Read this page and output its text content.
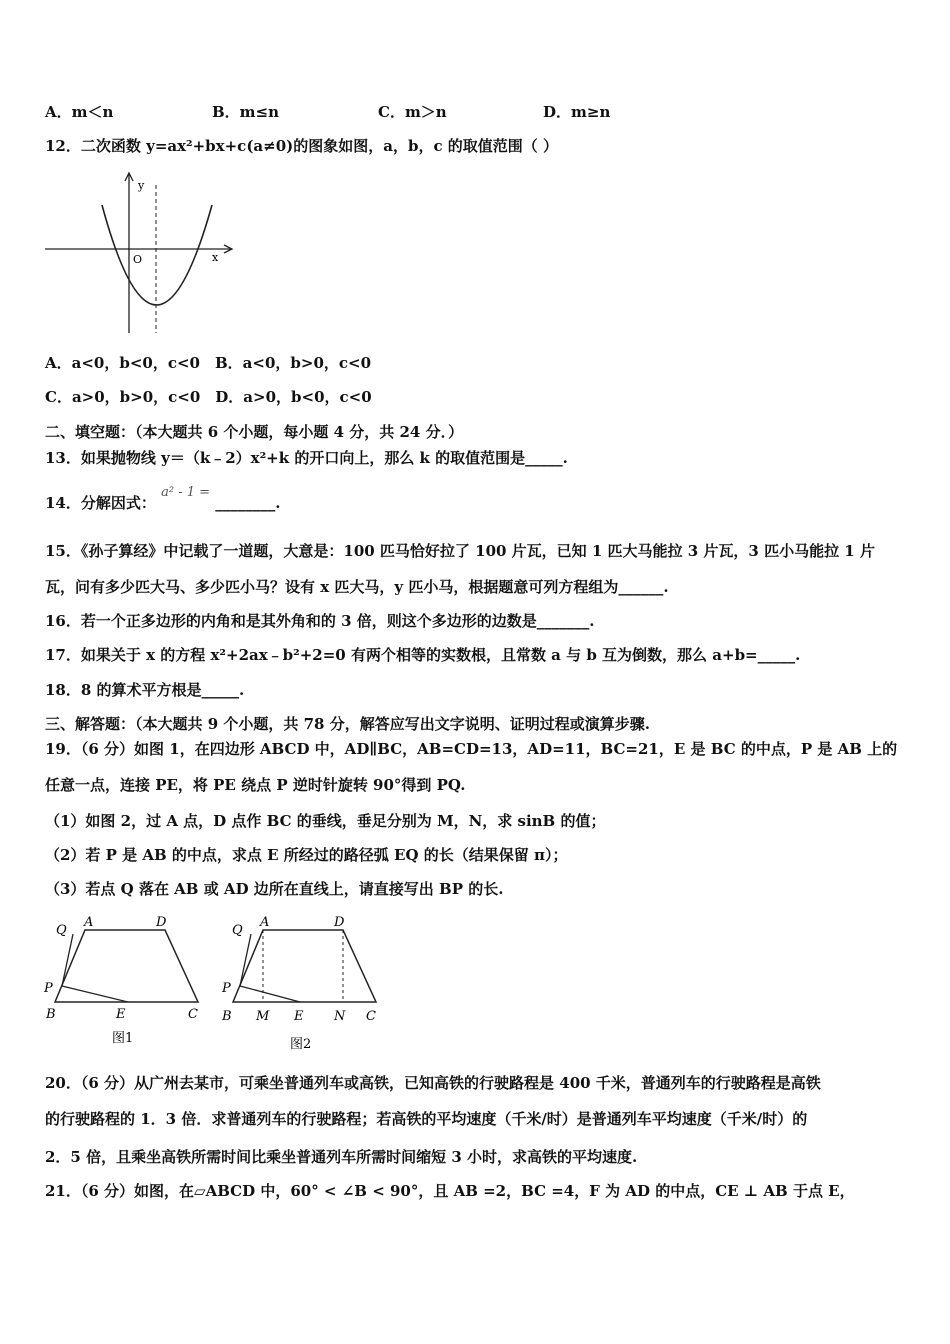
A．m＜n	B．m≤n	C．m＞n	D．m≥n
12．二次函数 y=ax²+bx+c(a≠0)的图象如图，a，b，c 的取值范围（ ）
y
x
O
A．a<0，b<0，c<0　B．a<0，b>0，c<0
C．a>0，b>0，c<0　D．a>0，b<0，c<0
二、填空题：（本大题共 6 个小题，每小题 4 分，共 24 分．）
13．如果抛物线 y＝（k﹣2）x²+k 的开口向上，那么 k 的取值范围是_____.
14．分解因式： a² - 1 = ________.
15．《孙子算经》中记载了一道题，大意是：100 匹马恰好拉了 100 片瓦，已知 1 匹大马能拉 3 片瓦，3 匹小马能拉 1 片
瓦，问有多少匹大马、多少匹小马？设有 x 匹大马，y 匹小马，根据题意可列方程组为______.
16．若一个正多边形的内角和是其外角和的 3 倍，则这个多边形的边数是_______.
17．如果关于 x 的方程 x²+2ax﹣b²+2=0 有两个相等的实数根，且常数 a 与 b 互为倒数，那么 a+b=_____.
18．8 的算术平方根是_____.
三、解答题：（本大题共 9 个小题，共 78 分，解答应写出文字说明、证明过程或演算步骤.
19．（6 分）如图 1，在四边形 ABCD 中，AD∥BC，AB=CD=13，AD=11，BC=21，E 是 BC 的中点，P 是 AB 上的
任意一点，连接 PE，将 PE 绕点 P 逆时针旋转 90°得到 PQ.
（1）如图 2，过 A 点，D 点作 BC 的垂线，垂足分别为 M，N，求 sinB 的值；
（2）若 P 是 AB 的中点，求点 E 所经过的路径弧 EQ 的长（结果保留 π）；
（3）若点 Q 落在 AB 或 AD 边所在直线上，请直接写出 BP 的长.
Q
A	D
P
B	E	C
图1
Q
A	D
P
B M E N C
图2
20．（6 分）从广州去某市，可乘坐普通列车或高铁，已知高铁的行驶路程是 400 千米，普通列车的行驶路程是高铁
的行驶路程的 1．3 倍．求普通列车的行驶路程；若高铁的平均速度（千米/时）是普通列车平均速度（千米/时）的
2．5 倍，且乘坐高铁所需时间比乘坐普通列车所需时间缩短 3 小时，求高铁的平均速度.
21．（6 分）如图，在▱ABCD 中，60° < ∠B < 90°，且 AB =2，BC =4，F 为 AD 的中点，CE ⊥ AB 于点 E，
